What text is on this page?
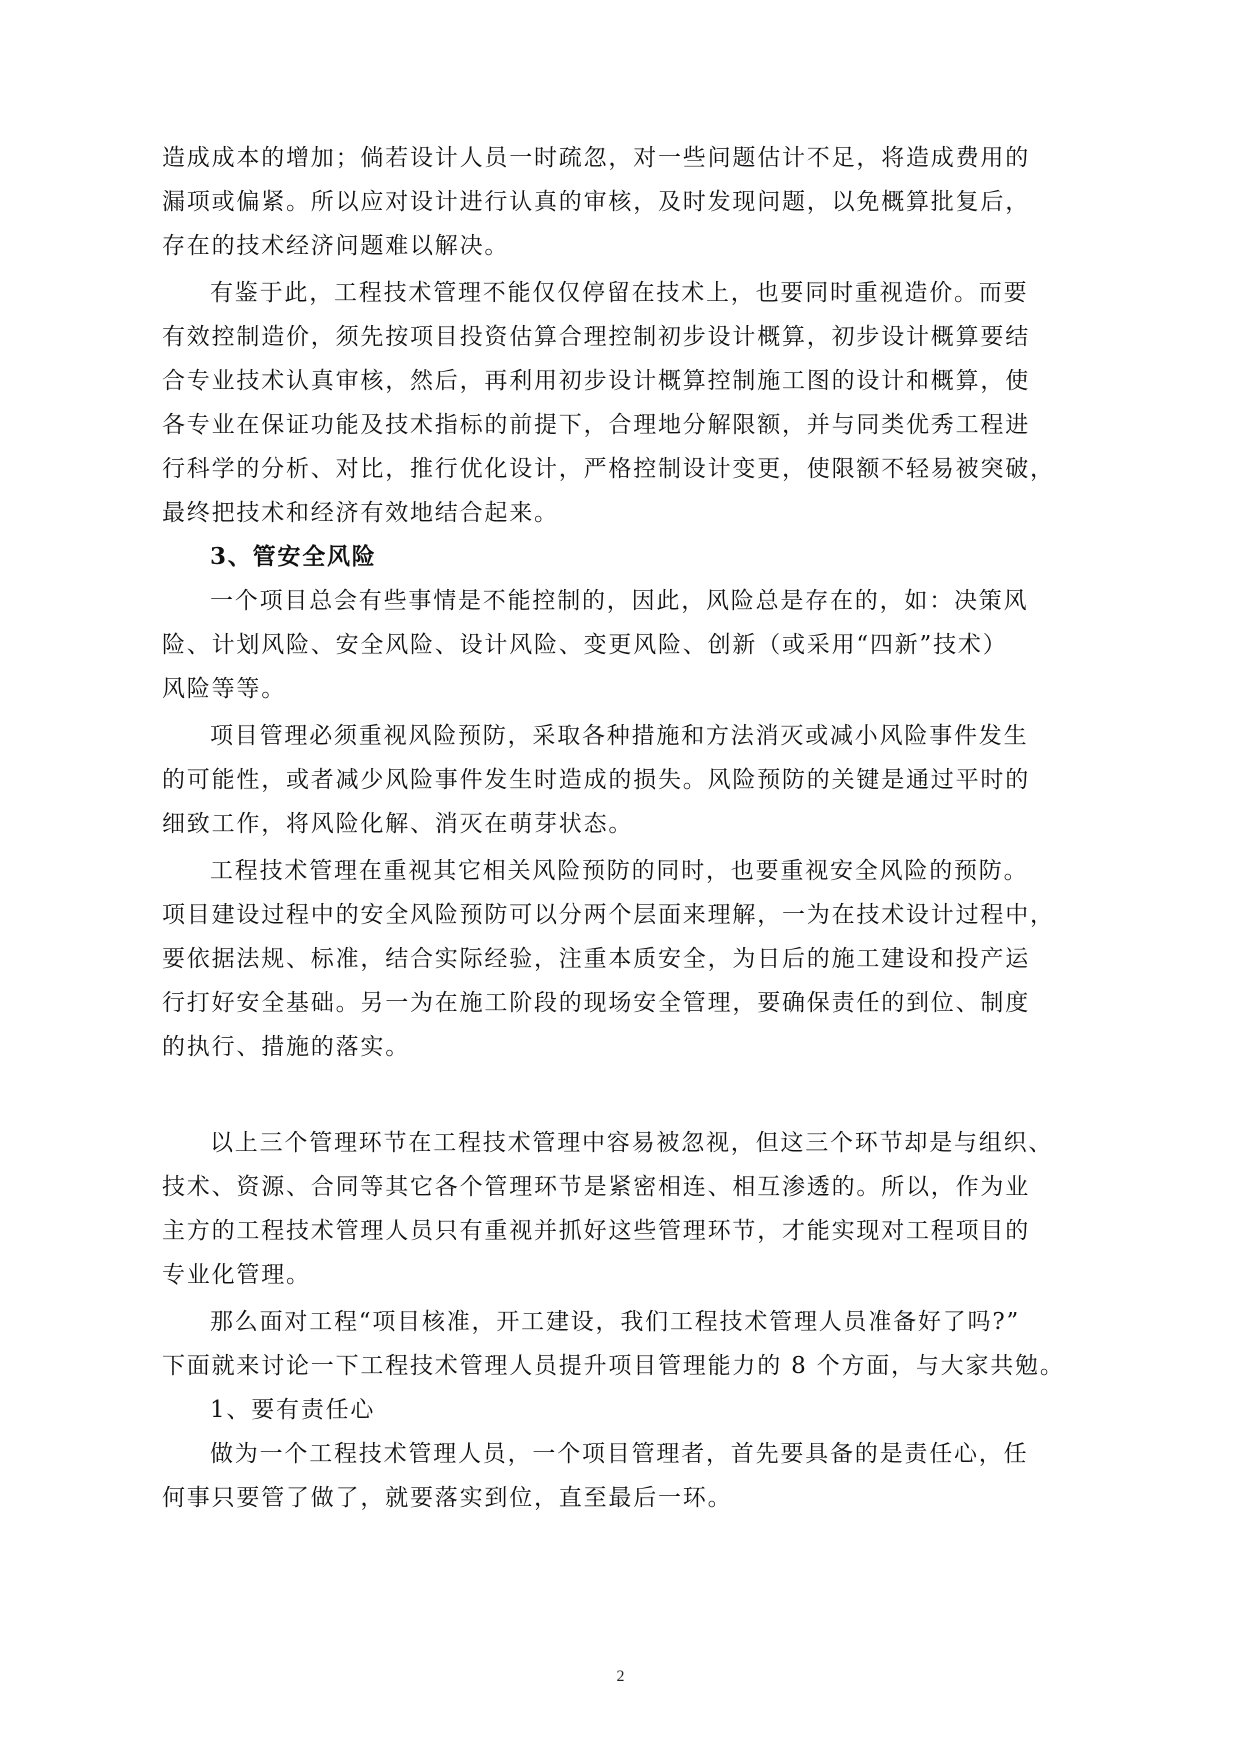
造成成本的增加；倘若设计人员一时疏忽，对一些问题估计不足，将造成费用的
漏项或偏紧。所以应对设计进行认真的审核，及时发现问题，以免概算批复后，
存在的技术经济问题难以解决。

有鉴于此，工程技术管理不能仅仅停留在技术上，也要同时重视造价。而要
有效控制造价，须先按项目投资估算合理控制初步设计概算，初步设计概算要结
合专业技术认真审核，然后，再利用初步设计概算控制施工图的设计和概算，使
各专业在保证功能及技术指标的前提下，合理地分解限额，并与同类优秀工程进
行科学的分析、对比，推行优化设计，严格控制设计变更，使限额不轻易被突破，
最终把技术和经济有效地结合起来。

3、管安全风险

一个项目总会有些事情是不能控制的，因此，风险总是存在的，如：决策风
险、计划风险、安全风险、设计风险、变更风险、创新（或采用“四新”技术）
风险等等。

项目管理必须重视风险预防，采取各种措施和方法消灭或减小风险事件发生
的可能性，或者减少风险事件发生时造成的损失。风险预防的关键是通过平时的
细致工作，将风险化解、消灭在萌芽状态。

工程技术管理在重视其它相关风险预防的同时，也要重视安全风险的预防。
项目建设过程中的安全风险预防可以分两个层面来理解，一为在技术设计过程中，
要依据法规、标准，结合实际经验，注重本质安全，为日后的施工建设和投产运
行打好安全基础。另一为在施工阶段的现场安全管理，要确保责任的到位、制度
的执行、措施的落实。

以上三个管理环节在工程技术管理中容易被忽视，但这三个环节却是与组织、
技术、资源、合同等其它各个管理环节是紧密相连、相互渗透的。所以，作为业
主方的工程技术管理人员只有重视并抓好这些管理环节，才能实现对工程项目的
专业化管理。

那么面对工程“项目核准，开工建设，我们工程技术管理人员准备好了吗?”
下面就来讨论一下工程技术管理人员提升项目管理能力的 8 个方面，与大家共勉。

1、要有责任心

做为一个工程技术管理人员，一个项目管理者，首先要具备的是责任心，任
何事只要管了做了，就要落实到位，直至最后一环。

2
